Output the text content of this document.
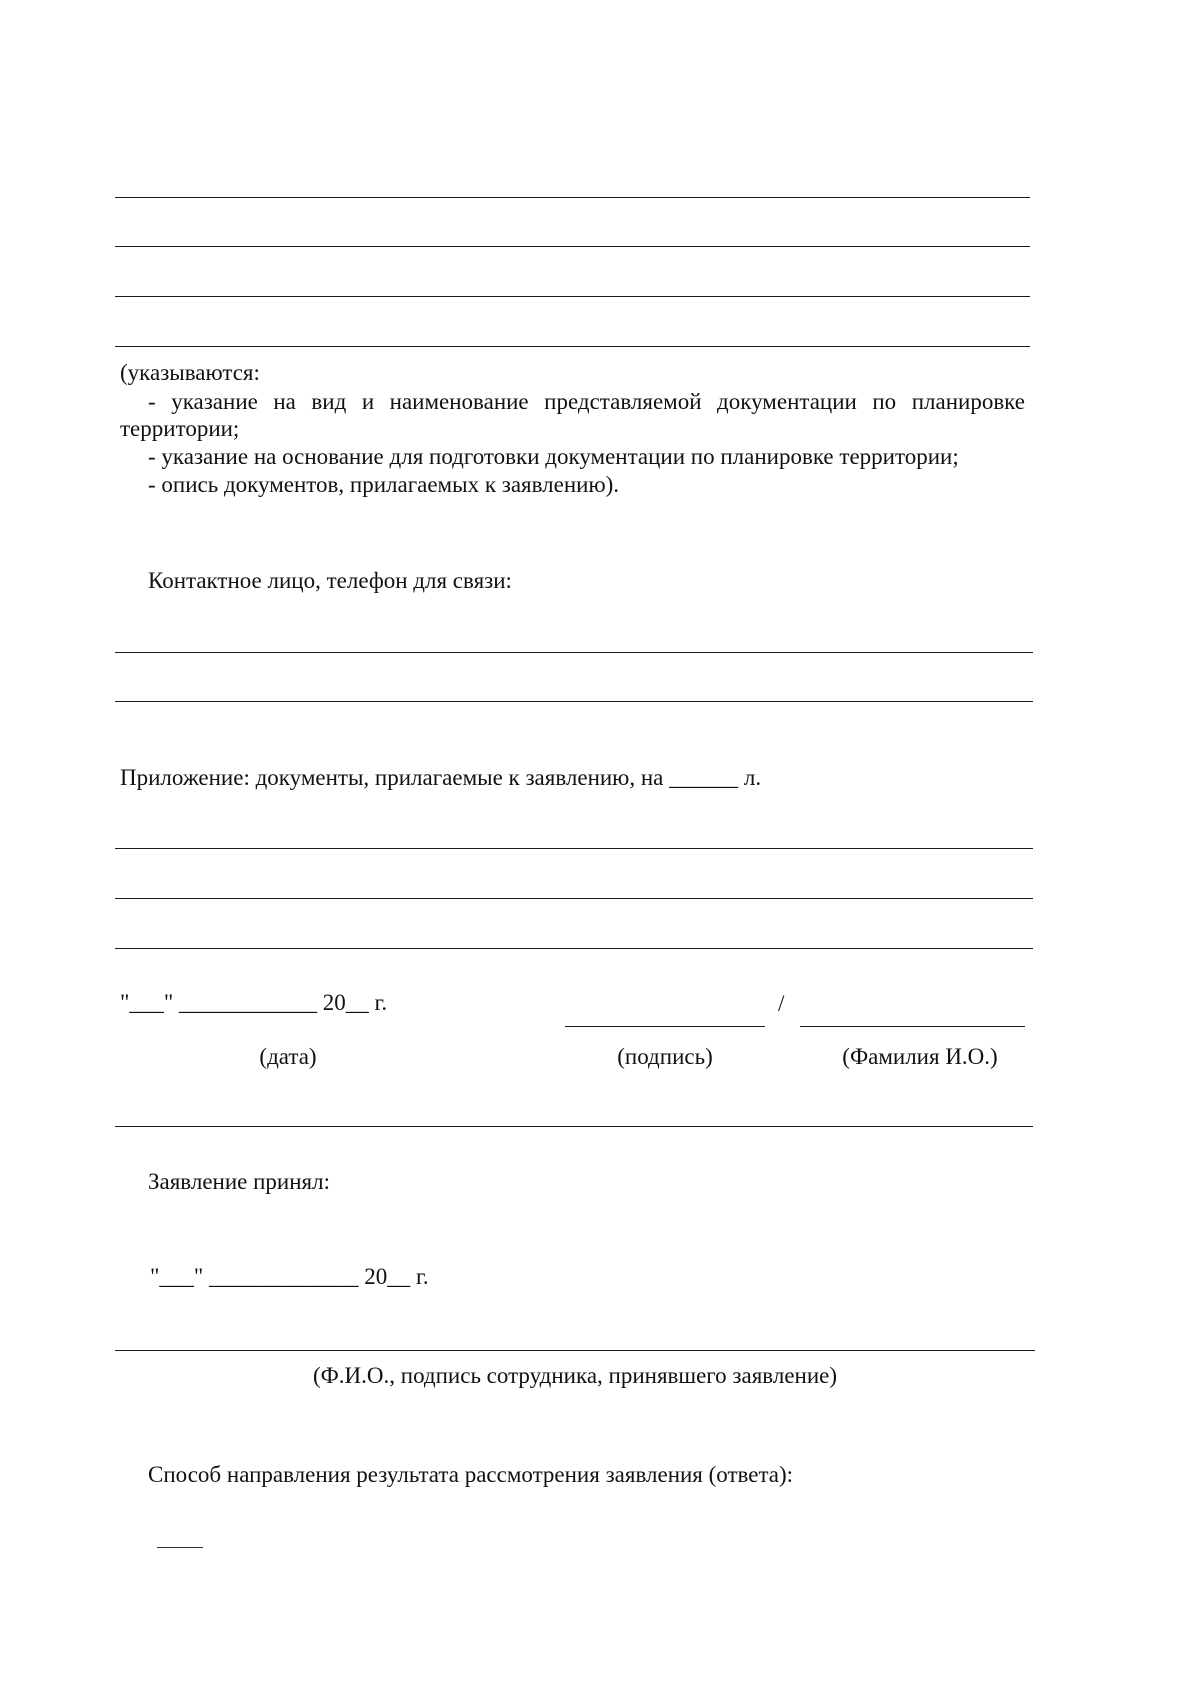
(указываются:
- указание на вид и наименование представляемой документации по планировке
территории;
- указание на основание для подготовки документации по планировке территории;
- опись документов, прилагаемых к заявлению).
Контактное лицо, телефон для связи:
Приложение: документы, прилагаемые к заявлению, на ______ л.
"___" ____________ 20__ г.	/
(дата)	(подпись)	(Фамилия И.О.)
Заявление принял:
"___" _____________ 20__ г.
(Ф.И.О., подпись сотрудника, принявшего заявление)
Способ направления результата рассмотрения заявления (ответа):
